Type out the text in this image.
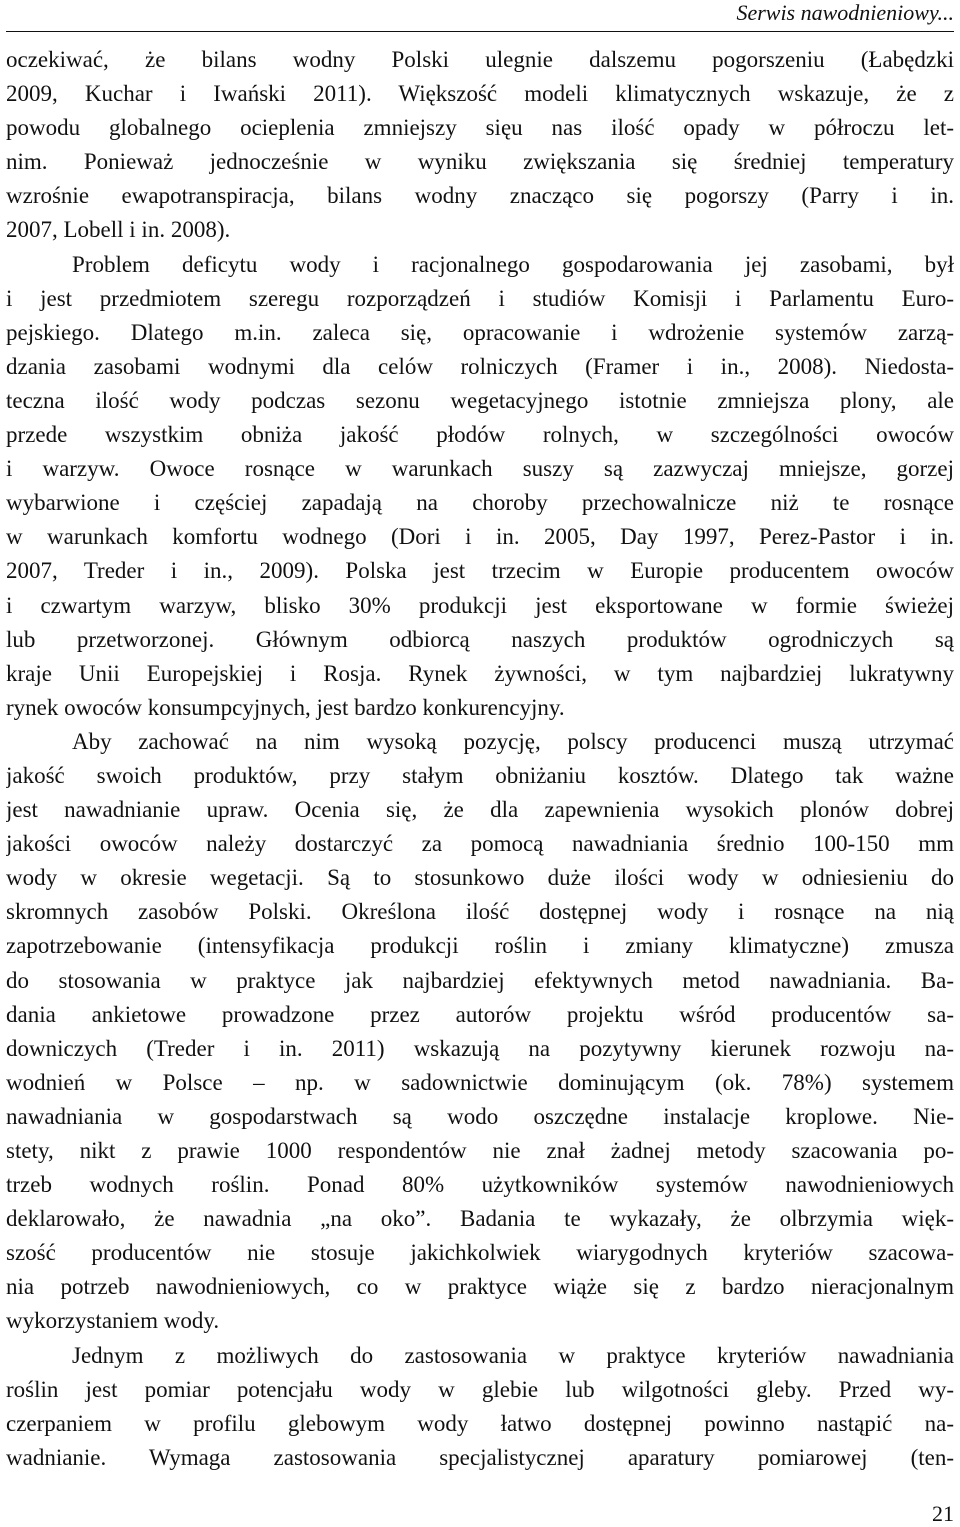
Serwis nawodnieniowy...
oczekiwać, że bilans wodny Polski ulegnie dalszemu pogorszeniu (Łabędzki
2009, Kuchar i Iwański 2011). Większość modeli klimatycznych wskazuje, że z
powodu globalnego ocieplenia zmniejszy sięu nas ilość opady w półroczu let-
nim. Ponieważ jednocześnie w wyniku zwiększania się średniej temperatury
wzrośnie ewapotranspiracja, bilans wodny znacząco się pogorszy (Parry i in.
2007, Lobell i in. 2008).
Problem deficytu wody i racjonalnego gospodarowania jej zasobami, był
i jest przedmiotem szeregu rozporządzeń i studiów Komisji i Parlamentu Euro-
pejskiego. Dlatego m.in. zaleca się, opracowanie i wdrożenie systemów zarzą-
dzania zasobami wodnymi dla celów rolniczych (Framer i in., 2008). Niedosta-
teczna ilość wody podczas sezonu wegetacyjnego istotnie zmniejsza plony, ale
przede wszystkim obniża jakość płodów rolnych, w szczególności owoców
i warzyw. Owoce rosnące w warunkach suszy są zazwyczaj mniejsze, gorzej
wybarwione i częściej zapadają na choroby przechowalnicze niż te rosnące
w warunkach komfortu wodnego (Dori i in. 2005, Day 1997, Perez-Pastor i in.
2007, Treder i in., 2009). Polska jest trzecim w Europie producentem owoców
i czwartym warzyw, blisko 30% produkcji jest eksportowane w formie świeżej
lub przetworzonej. Głównym odbiorcą naszych produktów ogrodniczych są
kraje Unii Europejskiej i Rosja. Rynek żywności, w tym najbardziej lukratywny
rynek owoców konsumpcyjnych, jest bardzo konkurencyjny.
Aby zachować na nim wysoką pozycję, polscy producenci muszą utrzymać
jakość swoich produktów, przy stałym obniżaniu kosztów. Dlatego tak ważne
jest nawadnianie upraw. Ocenia się, że dla zapewnienia wysokich plonów dobrej
jakości owoców należy dostarczyć za pomocą nawadniania średnio 100-150 mm
wody w okresie wegetacji. Są to stosunkowo duże ilości wody w odniesieniu do
skromnych zasobów Polski. Określona ilość dostępnej wody i rosnące na nią
zapotrzebowanie (intensyfikacja produkcji roślin i zmiany klimatyczne) zmusza
do stosowania w praktyce jak najbardziej efektywnych metod nawadniania. Ba-
dania ankietowe prowadzone przez autorów projektu wśród producentów sa-
downiczych (Treder i in. 2011) wskazują na pozytywny kierunek rozwoju na-
wodnień w Polsce – np. w sadownictwie dominującym (ok. 78%) systemem
nawadniania w gospodarstwach są wodo oszczędne instalacje kroplowe. Nie-
stety, nikt z prawie 1000 respondentów nie znał żadnej metody szacowania po-
trzeb wodnych roślin. Ponad 80% użytkowników systemów nawodnieniowych
deklarowało, że nawadnia „na oko”. Badania te wykazały, że olbrzymia więk-
szość producentów nie stosuje jakichkolwiek wiarygodnych kryteriów szacowa-
nia potrzeb nawodnieniowych, co w praktyce wiąże się z bardzo nieracjonalnym
wykorzystaniem wody.
Jednym z możliwych do zastosowania w praktyce kryteriów nawadniania
roślin jest pomiar potencjału wody w glebie lub wilgotności gleby. Przed wy-
czerpaniem w profilu glebowym wody łatwo dostępnej powinno nastąpić na-
wadnianie. Wymaga zastosowania specjalistycznej aparatury pomiarowej (ten-
21
